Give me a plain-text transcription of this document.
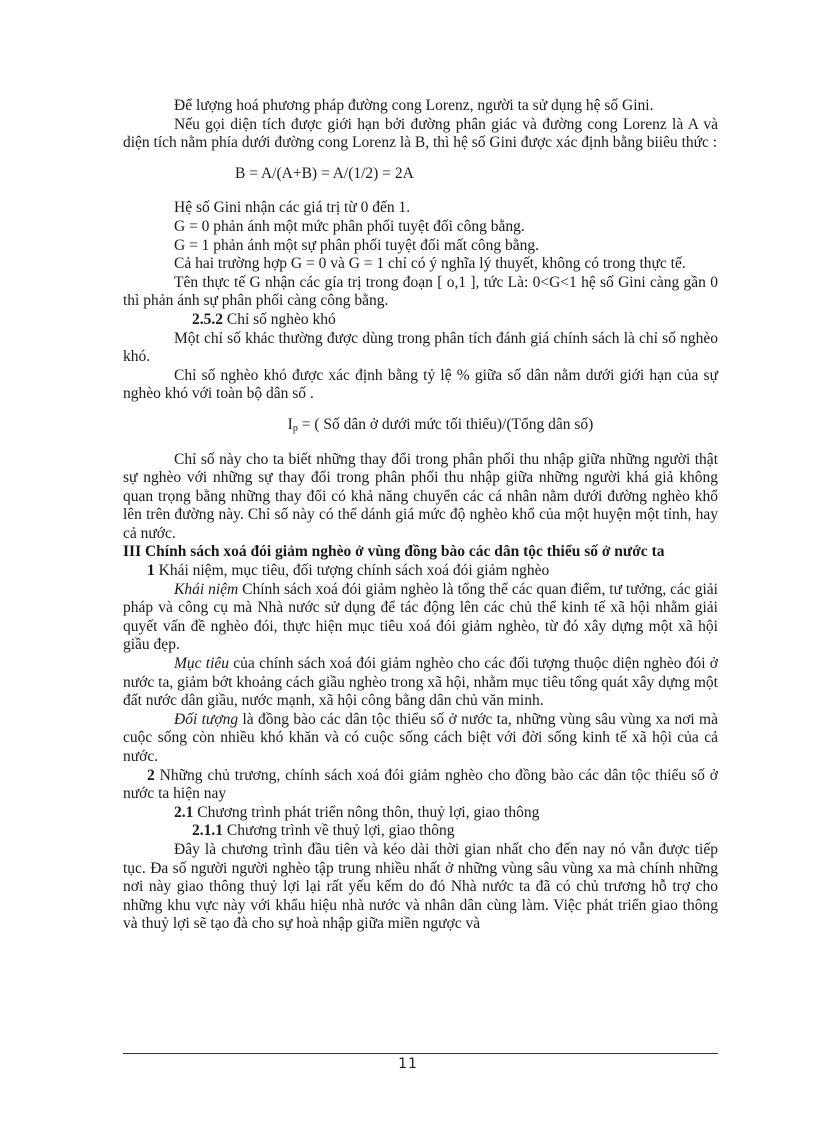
Để lượng hoá phương pháp đường cong Lorenz, người ta sử dụng hệ số Gini.

Nếu gọi diện tích được giới hạn bởi đường phân giác và đường cong Lorenz là A và diện tích nằm phía dưới đường cong Lorenz là B, thì hệ số Gini được xác định bằng biiêu thức :

B = A/(A+B) = A/(1/2) = 2A

Hệ số Gini nhận các giá trị từ 0 đến 1.

G = 0 phản ánh một mức phân phối tuyệt đối công bằng.

G = 1 phản ánh một sự phân phối tuyệt đối mất công bằng.

Cả hai trường hợp G = 0 và G = 1 chỉ có ý nghĩa lý thuyết, không có trong thực tế.

Tên thực tế G nhận các gía trị trong đoạn [ o,1 ], tức Là: 0<G<1 hệ số Gini càng gần 0 thì phản ánh sự phân phối càng công bằng.

2.5.2 Chỉ số nghèo khó

Một chỉ số khác thường được dùng trong phân tích đánh giá chính sách là chỉ số nghèo khó.

Chỉ số nghèo khó được xác định bằng tỷ lệ % giữa số dân nằm dưới giới hạn của sự nghèo khó với toàn bộ dân số .

$I_p$ = ( Số dân ở dưới mức tối thiểu)/(Tổng dân số)

Chỉ số này cho ta biết những thay đổi trong phân phối thu nhập giữa những người thật sự nghèo với những sự thay đổi trong phân phối thu nhập giữa những người khá giả không quan trọng bằng những thay đổi có khả năng chuyển các cá nhân nằm dưới đường nghèo khổ lên trên đường này. Chỉ số này có thể dánh giá mức độ nghèo khổ của một huyện một tỉnh, hay cả nước.

III Chính sách xoá đói giảm nghèo ở vùng đồng bào các dân tộc thiểu số ở nước ta

1 Khái niệm, mục tiêu, đối tượng chính sách xoá đói giảm nghèo

Khái niệm Chính sách xoá đói giảm nghèo là tổng thể các quan điểm, tư tưởng, các giải pháp và công cụ mà Nhà nước sử dụng để tác động lên các chủ thể kinh tế xã hội nhằm giải quyết vấn đề nghèo đói, thực hiện mục tiêu xoá đói giảm nghèo, từ đó xây dựng một xã hội giầu đẹp.

Mục tiêu của chính sách xoá đói giảm nghèo cho các đối tượng thuộc diện nghèo đói ở nước ta, giảm bớt khoảng cách giầu nghèo trong xã hội, nhằm mục tiêu tổng quát xây dựng một đất nước dân giầu, nước mạnh, xã hội công bằng dân chủ văn minh.

Đối tượng là đồng bào các dân tộc thiểu số ở nước ta, những vùng sâu vùng xa nơi mà cuộc sống còn nhiều khó khăn và có cuộc sống cách biệt với đời sống kinh tế xã hội của cả nước.

2 Những chủ trương, chính sách xoá đói giảm nghèo cho đồng bào các dân tộc thiểu số ở nước ta hiện nay

2.1 Chương trình phát triển nông thôn, thuỷ lợi, giao thông

2.1.1 Chương trình về thuỷ lợi, giao thông

Đây là chương trình đầu tiên và kéo dài thời gian nhất cho đến nay nó vẫn được tiếp tục. Đa số người người nghèo tập trung nhiều nhất ở những vùng sâu vùng xa mà chính những nơi này giao thông thuỷ lợi lại rất yếu kếm do đó Nhà nước ta đã có chủ trương hỗ trợ cho những khu vực này với khẩu hiệu nhà nước và nhân dân cùng làm. Việc phát triển giao thông và thuỷ lợi sẽ tạo đà cho sự hoà nhập giữa miền ngược và

11
